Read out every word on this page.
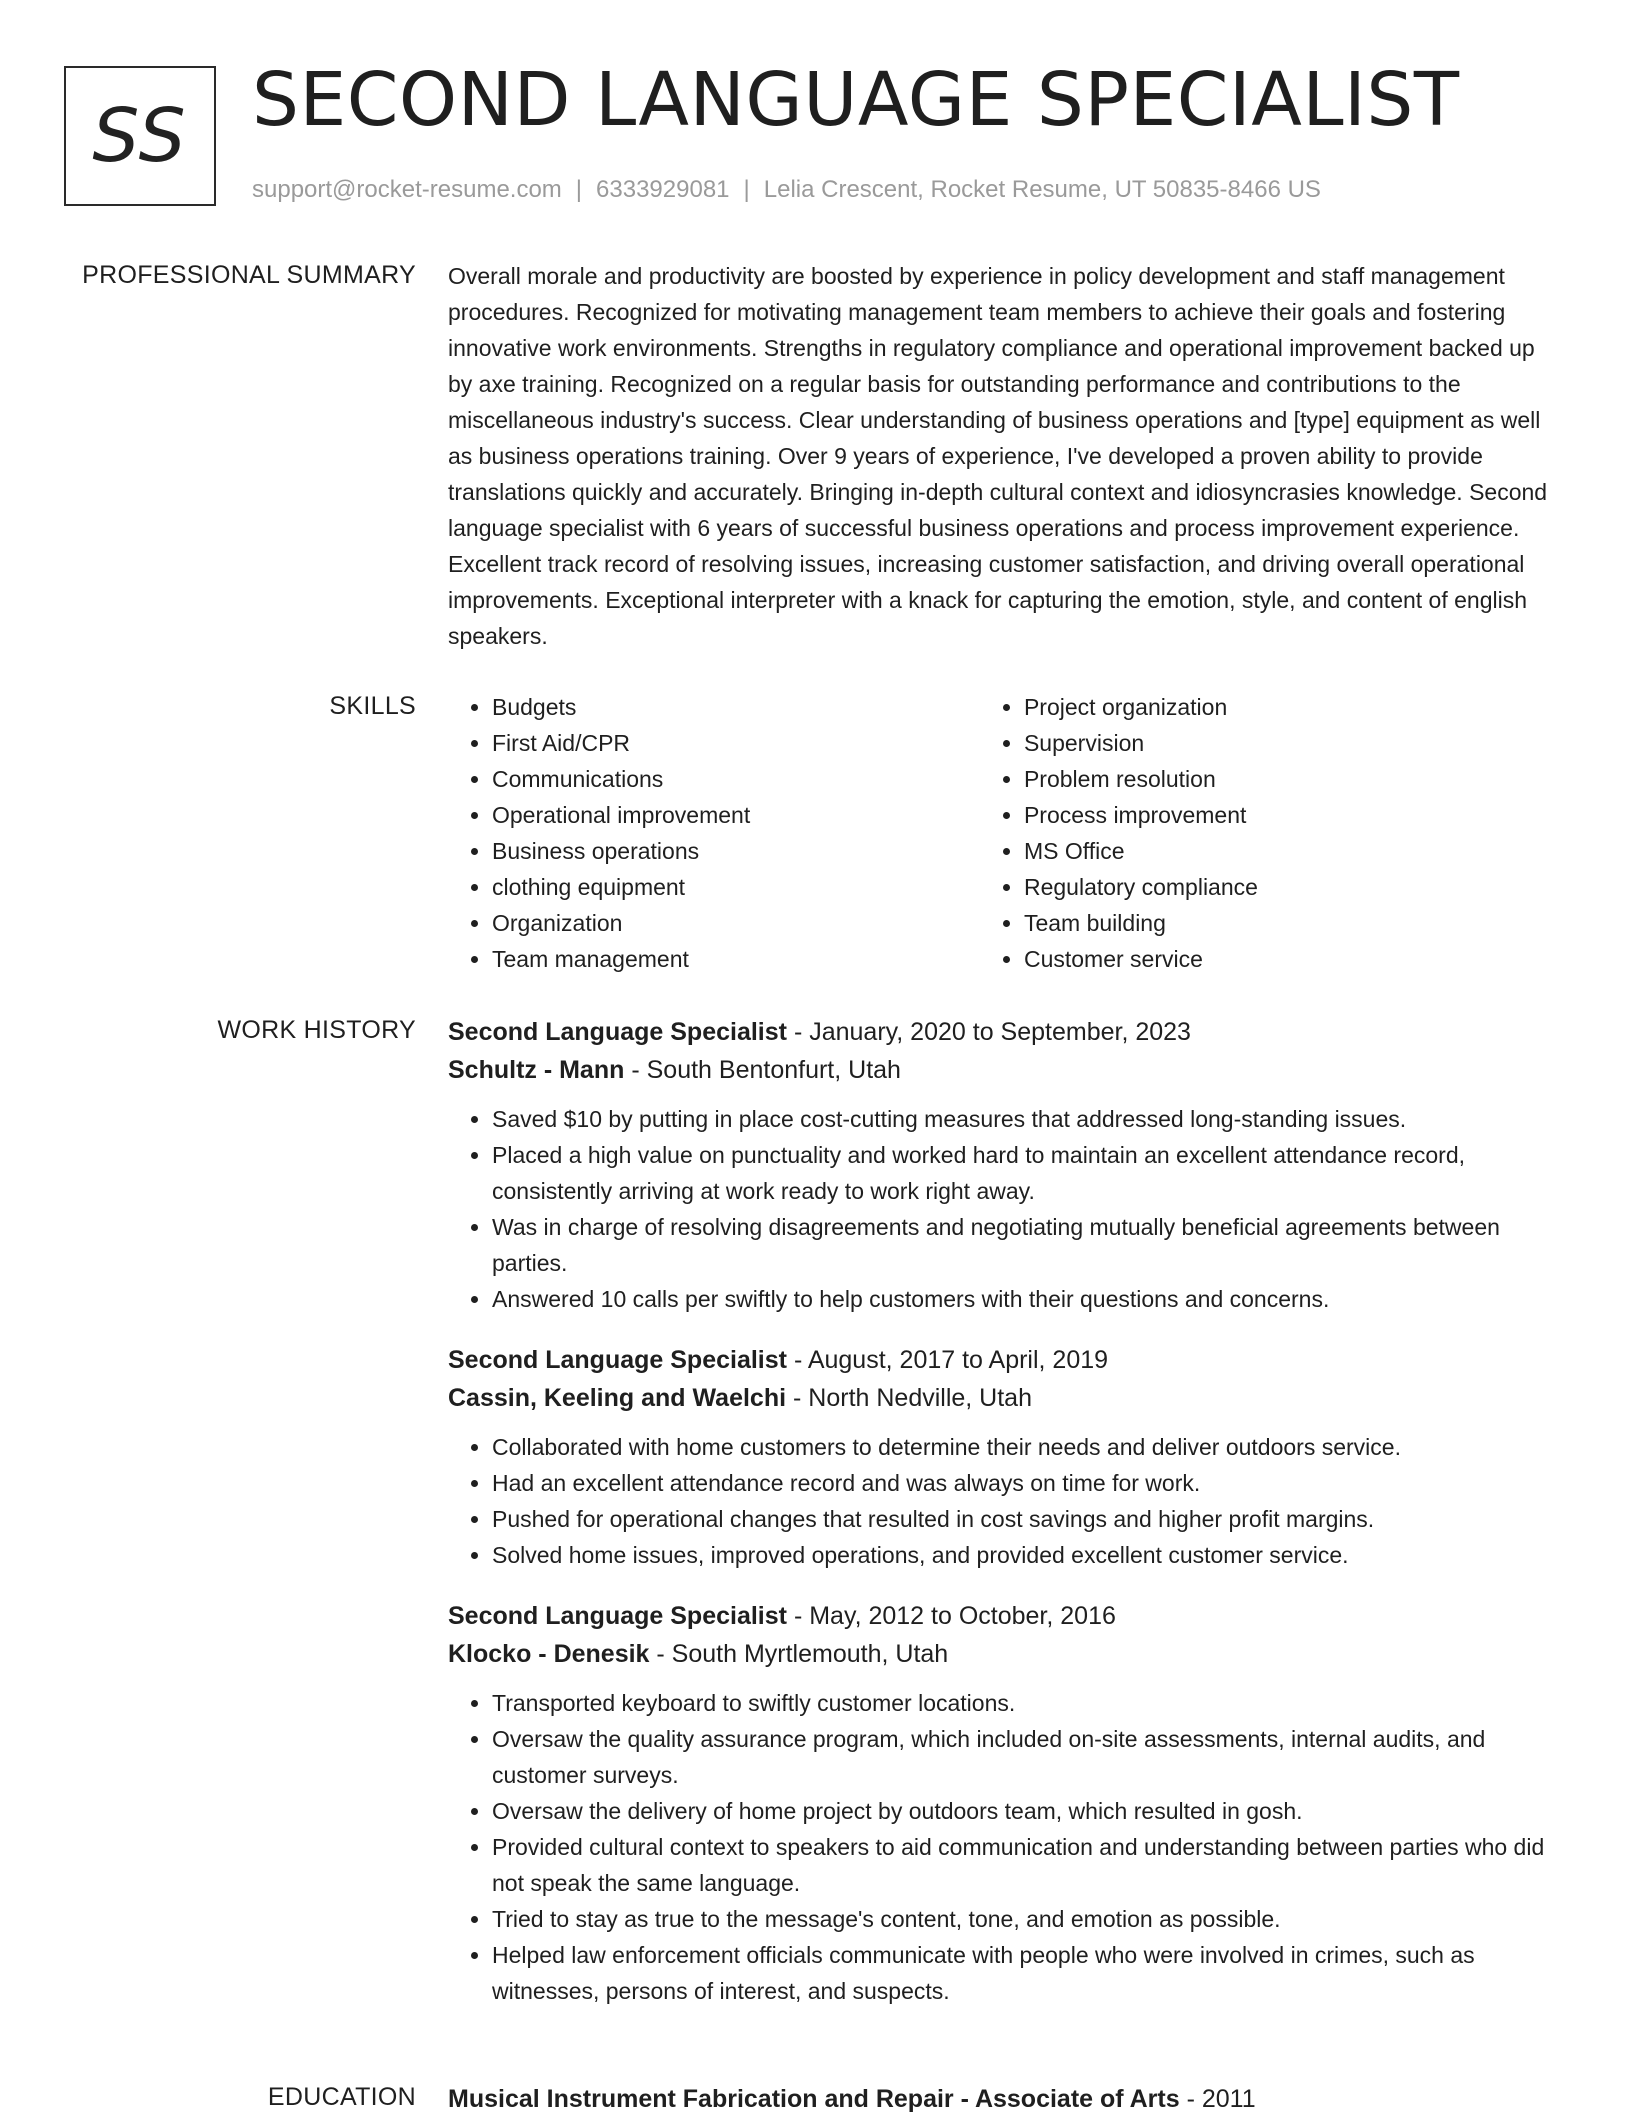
SS SECOND LANGUAGE SPECIALIST
support@rocket-resume.com | 6333929081 | Lelia Crescent, Rocket Resume, UT 50835-8466 US
PROFESSIONAL SUMMARY Overall morale and productivity are boosted by experience in policy development and staff management procedures. Recognized for motivating management team members to achieve their goals and fostering innovative work environments. Strengths in regulatory compliance and operational improvement backed up by axe training. Recognized on a regular basis for outstanding performance and contributions to the miscellaneous industry's success. Clear understanding of business operations and [type] equipment as well as business operations training. Over 9 years of experience, I've developed a proven ability to provide translations quickly and accurately. Bringing in-depth cultural context and idiosyncrasies knowledge. Second language specialist with 6 years of successful business operations and process improvement experience. Excellent track record of resolving issues, increasing customer satisfaction, and driving overall operational improvements. Exceptional interpreter with a knack for capturing the emotion, style, and content of english speakers.

SKILLS
•	Budgets
• First Aid/CPR
• Communications
• Operational improvement
• Business operations
• clothing equipment
• Organization
• Team management
• Project organization
• Supervision
• Problem resolution
• Process improvement
• MS Office
• Regulatory compliance
• Team building
• Customer service
WORK HISTORY Second Language Specialist - January, 2020 to September, 2023
Schultz - Mann - South Bentonfurt, Utah
• Saved $10 by putting in place cost-cutting measures that addressed long-standing issues.
• Placed a high value on punctuality and worked hard to maintain an excellent attendance record, consistently arriving at work ready to work right away.
• Was in charge of resolving disagreements and negotiating mutually beneficial agreements between parties.
• Answered 10 calls per swiftly to help customers with their questions and concerns.
Second Language Specialist - August, 2017 to April, 2019
Cassin, Keeling and Waelchi - North Nedville, Utah
• Collaborated with home customers to determine their needs and deliver outdoors service.
• Had an excellent attendance record and was always on time for work.
• Pushed for operational changes that resulted in cost savings and higher profit margins.
• Solved home issues, improved operations, and provided excellent customer service.
Second Language Specialist - May, 2012 to October, 2016
Klocko - Denesik - South Myrtlemouth, Utah
• Transported keyboard to swiftly customer locations.
• Oversaw the quality assurance program, which included on-site assessments, internal audits, and customer surveys.
• Oversaw the delivery of home project by outdoors team, which resulted in gosh.
• Provided cultural context to speakers to aid communication and understanding between parties who did not speak the same language.
• Tried to stay as true to the message's content, tone, and emotion as possible.
• Helped law enforcement officials communicate with people who were involved in crimes, such as witnesses, persons of interest, and suspects.
EDUCATION Musical Instrument Fabrication and Repair - Associate of Arts - 2011
